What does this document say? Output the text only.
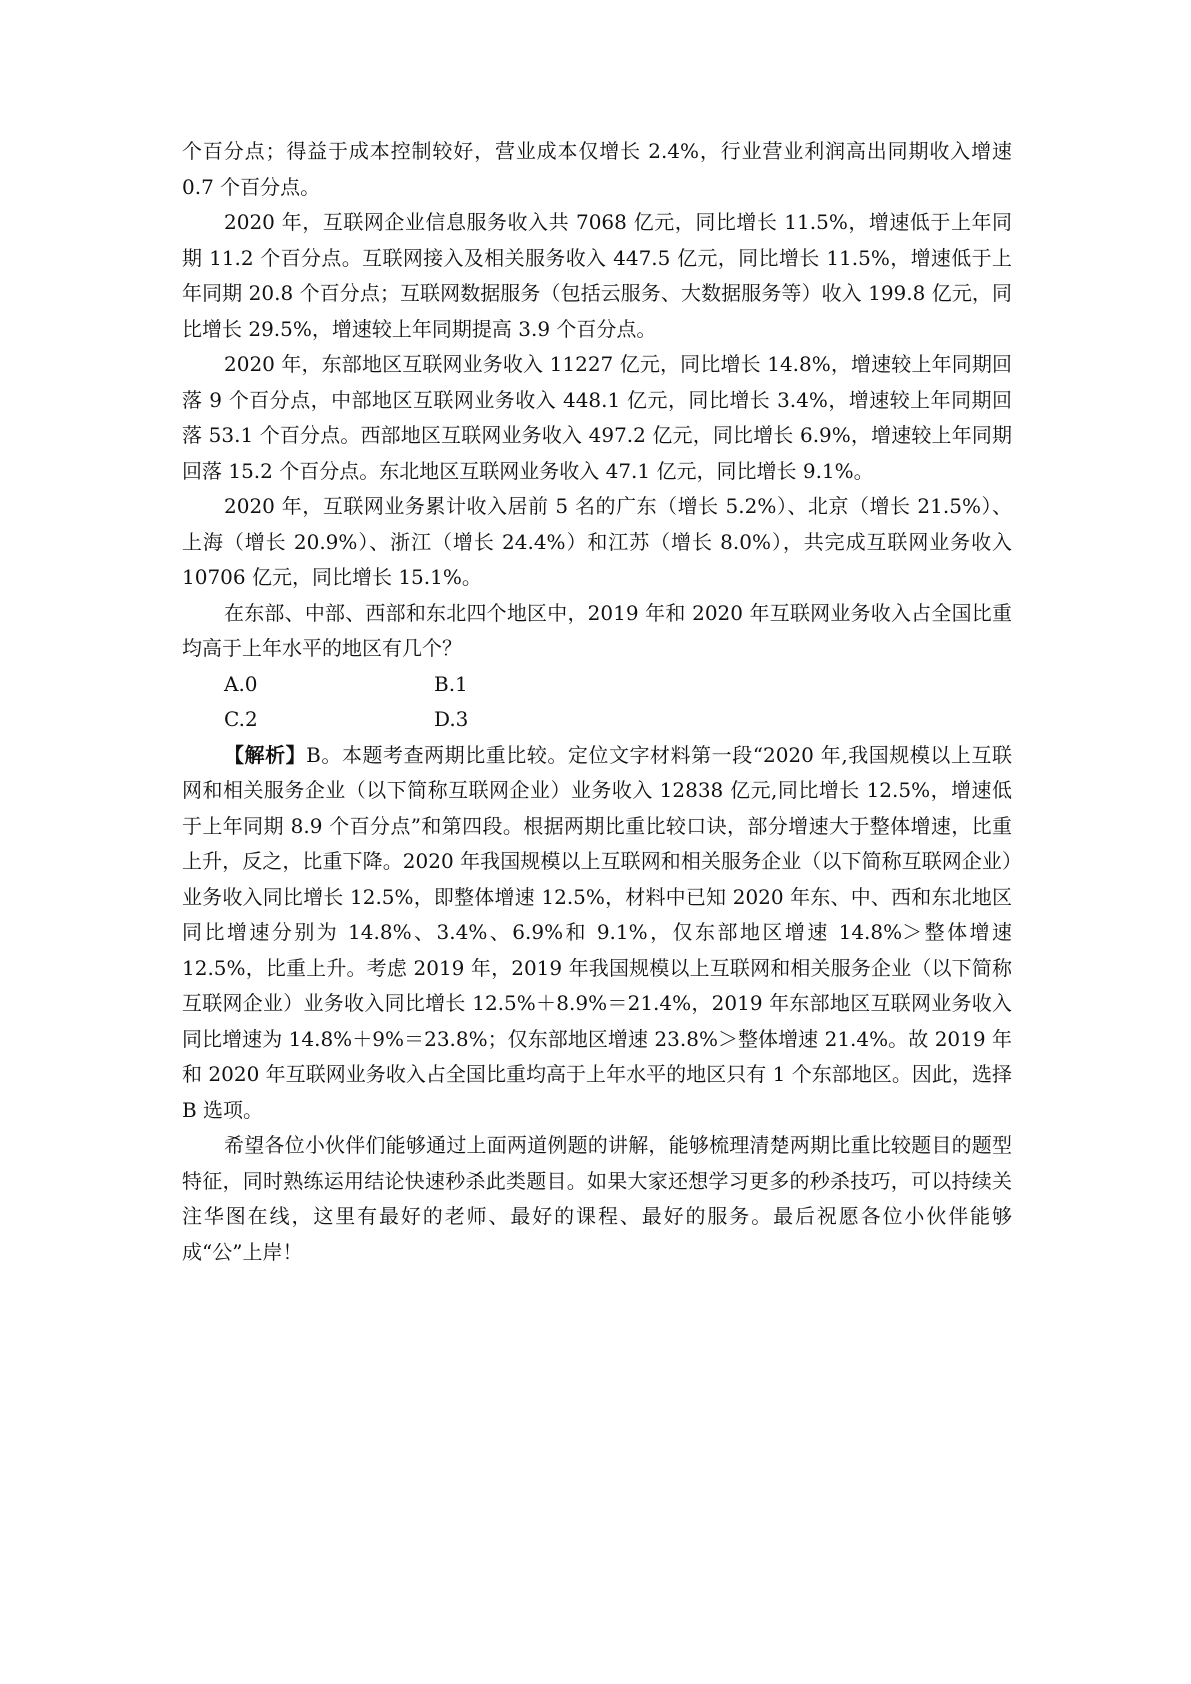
个百分点；得益于成本控制较好，营业成本仅增长 2.4%，行业营业利润高出同期收入增速 0.7 个百分点。

2020 年，互联网企业信息服务收入共 7068 亿元，同比增长 11.5%，增速低于上年同期 11.2 个百分点。互联网接入及相关服务收入 447.5 亿元，同比增长 11.5%，增速低于上年同期 20.8 个百分点；互联网数据服务（包括云服务、大数据服务等）收入 199.8 亿元，同比增长 29.5%，增速较上年同期提高 3.9 个百分点。

2020 年，东部地区互联网业务收入 11227 亿元，同比增长 14.8%，增速较上年同期回落 9 个百分点，中部地区互联网业务收入 448.1 亿元，同比增长 3.4%，增速较上年同期回落 53.1 个百分点。西部地区互联网业务收入 497.2 亿元，同比增长 6.9%，增速较上年同期回落 15.2 个百分点。东北地区互联网业务收入 47.1 亿元，同比增长 9.1%。

2020 年，互联网业务累计收入居前 5 名的广东（增长 5.2%）、北京（增长 21.5%）、上海（增长 20.9%）、浙江（增长 24.4%）和江苏（增长 8.0%），共完成互联网业务收入 10706 亿元，同比增长 15.1%。

在东部、中部、西部和东北四个地区中，2019 年和 2020 年互联网业务收入占全国比重均高于上年水平的地区有几个？

A.0	B.1
C.2	D.3

【解析】B。本题考查两期比重比较。定位文字材料第一段“2020 年,我国规模以上互联网和相关服务企业（以下简称互联网企业）业务收入 12838 亿元,同比增长 12.5%，增速低于上年同期 8.9 个百分点”和第四段。根据两期比重比较口诀，部分增速大于整体增速，比重上升，反之，比重下降。2020 年我国规模以上互联网和相关服务企业（以下简称互联网企业）业务收入同比增长 12.5%，即整体增速 12.5%，材料中已知 2020 年东、中、西和东北地区同比增速分别为 14.8%、3.4%、6.9%和 9.1%，仅东部地区增速 14.8%＞整体增速 12.5%，比重上升。考虑 2019 年，2019 年我国规模以上互联网和相关服务企业（以下简称互联网企业）业务收入同比增长 12.5%＋8.9%＝21.4%，2019 年东部地区互联网业务收入同比增速为 14.8%＋9%＝23.8%；仅东部地区增速 23.8%＞整体增速 21.4%。故 2019 年和 2020 年互联网业务收入占全国比重均高于上年水平的地区只有 1 个东部地区。因此，选择 B 选项。

希望各位小伙伴们能够通过上面两道例题的讲解，能够梳理清楚两期比重比较题目的题型特征，同时熟练运用结论快速秒杀此类题目。如果大家还想学习更多的秒杀技巧，可以持续关注华图在线，这里有最好的老师、最好的课程、最好的服务。最后祝愿各位小伙伴能够成“公”上岸！
